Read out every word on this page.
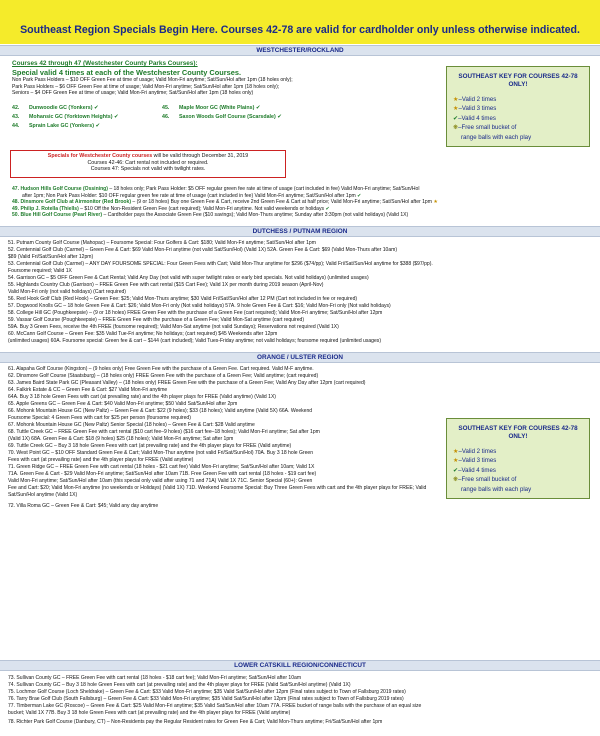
Southeast Region Specials Begin Here. Courses 42-78 are valid for cardholder only unless otherwise indicated.
WESTCHESTER/ROCKLAND
Courses 42 through 47 (Westchester County Parks Courses):
Special valid 4 times at each of the Westchester County Courses.
Non Park Pass Holders – $10 OFF Green Fee at time of usage; Valid Mon-Fri anytime; Sat/Sun/Hol after 1pm (18 holes only);
Park Pass Holders – $6 OFF Green Fee at time of usage; Valid Mon-Fri anytime; Sat/Sun/Hol after 1pm (18 holes only);
Seniors – $4 OFF Green Fee at time of usage; Valid Mon-Fri anytime; Sat/Sun/Hol after 1pm (18 holes only)
42. Dunwoodie GC (Yonkers) ✔
43. Mohansic GC (Yorktown Heights) ✔
44. Sprain Lake GC (Yonkers) ✔
45. Maple Moor GC (White Plains) ✔
46. Saxon Woods Golf Course (Scarsdale) ✔
Specials for Westchester County courses will be valid through December 31, 2019
Courses 42-46: Cart rental not included or required.
Courses 47: Specials not valid with twilight rates.
SOUTHEAST KEY FOR COURSES 42-78 ONLY!
★–Valid 2 times
★–Valid 3 times
✔–Valid 4 times
❋–Free small bucket of
range balls with each play
47. Hudson Hills Golf Course (Ossining) – 18 holes only; Park Pass Holder: $5 OFF regular green fee rate at time of usage (cart included in fee) Valid Mon-Fri anytime; Sat/Sun/Hol
after 1pm; Non Park Pass Holder: $10 OFF regular green fee rate at time of usage (cart included in fee) Valid Mon-Fri anytime; Sat/Sun/Hol after 1pm ✔
48. Dinsmore Golf Club at Airmonitor (Red Brook) – (9 or 18 holes) Buy one Green Fee & Cart, receive 2nd Green Fee & Cart at half price; Valid Mon-Fri anytime; Sat/Sun/Hol after 1pm ★
49. Philip J. Rotella (Thiells) – $10 Off the Non-Resident Green Fee (cart required); Valid Mon-Fri anytime. Not valid weekends or holidays ✔
50. Blue Hill Golf Course (Pearl River) – Cardholder pays the Associate Green Fee ($10 savings); Valid Mon-Thurs anytime; Sunday after 3:30pm (not valid holidays) (Valid 1X)
DUTCHESS / PUTNAM REGION
51. Putnam County Golf Course (Mahopac) – Foursome Special: Four Golfers & Cart: $180; Valid Mon-Fri anytime; Sat/Sun/Hol after 1pm
52. Centennial Golf Club (Carmel) – Green Fee & Cart: $69 Valid Mon-Fri anytime (not valid Sat/Sun/Hol) (Valid 1X) 52A. Green Fee & Cart: $69 (Valid Mon-Thurs after 10am)
$89 (Valid Fri/Sat/Sun/Hol after 12pm)
53. Centennial Golf Club (Carmel) – ANY DAY FOURSOME SPECIAL: Four Green Fees with Cart; Valid Mon-Thur anytime for $296 ($74/pp); Valid Fri/Sat/Sun/Hol anytime for $388 ($97/pp).
Foursome required; Valid 1X
54. Garrison GC – $5 OFF Green Fee & Cart Rental; Valid Any Day (not valid with super twilight rates or early bird specials. Not valid holidays) (unlimited usages)
55. Highlands Country Club (Garrison) – FREE Green Fee with cart rental ($15 Cart Fee); Valid 1X per month during 2019 season (April-Nov)
Valid Mon-Fri only (not valid holidays) (Cart required)
56. Red Hook Golf Club (Red Hook) – Green Fee: $25; Valid Mon-Thurs anytime; $30 Valid Fri/Sat/Sun/Hol after 12 PM (Cart not included in fee or required)
57. Dogwood Knolls GC – 18 hole Green Fee & Cart: $26; Valid Mon-Fri only (Not valid holidays) 57A. 9 hole Green Fee & Cart: $16; Valid Mon-Fri only (Not valid holidays)
58. College Hill GC (Poughkeepsie) – (9 or 18 holes) FREE Green Fee with the purchase of a Green Fee (cart required); Valid Mon-Fri anytime; Sat/Sun/Hol after 12pm
59. Vassar Golf Course (Poughkeepsie) – FREE Green Fee with the purchase of a Green Fee; Valid Mon-Sat anytime (cart required)
59A. Buy 3 Green Fees, receive the 4th FREE (foursome required); Valid Mon-Sat anytime (not valid Sundays); Reservations not required (Valid 1X)
60. McCann Golf Course – Green Fee: $35 Valid Tue-Fri anytime; No holidays; (cart required) $45 Weekends after 12pm
(unlimited usages) 60A. Foursome special: Green fee & cart – $144 (cart included); Valid Tues-Friday anytime; not valid holidays; foursome required (unlimited usages)
ORANGE / ULSTER REGION
61. Alapaha Golf Course (Kingston) – (9 holes only) Free Green Fee with the purchase of a Green Fee. Cart required. Valid M-F anytime.
62. Dinsmore Golf Course (Staatsburg) – (18 holes only) FREE Green Fee with the purchase of a Green Fee; Valid anytime; (cart required)
63. James Baird State Park GC (Pleasant Valley) – (18 holes only) FREE Green Fee with the purchase of a Green Fee; Valid Any Day after 12pm (cart required)
64. Falkirk Estate & CC – Green Fee & Cart: $27 Valid Mon-Fri anytime
64A. Buy 3 18 hole Green Fees with cart (at prevailing rate) and the 4th player plays for FREE (Valid anytime) (Valid 1X)
65. Apple Greens GC – Green Fee & Cart: $40 Valid Mon-Fri anytime; $50 Valid Sat/Sun/Hol after 2pm
66. Mohonk Mountain House GC (New Paltz) – Green Fee & Cart: $22 (9 holes); $33 (18 holes); Valid anytime (Valid 5X) 66A. Weekend
Foursome Special: 4 Green Fees with cart for $25 per person (foursome required)
67. Mohonk Mountain House GC (New Paltz) Senior Special (18 holes) – Green Fee & Cart: $28 Valid anytime
68. Tuttle Creek GC – FREE Green Fee with cart rental ($10 cart fee–9 holes) ($16 cart fee–18 holes); Valid Mon-Fri anytime; Sat after 1pm
(Valid 1X) 68A. Green Fee & Cart: $18 (9 holes) $25 (18 holes); Valid Mon-Fri anytime; Sat after 1pm
69. Tuttle Creek GC – Buy 3 18 hole Green Fees with cart (at prevailing rate) and the 4th player plays for FREE (Valid anytime)
70. West Point GC – $10 OFF Standard Green Fee & Cart; Valid Mon-Thur anytime (not valid Fri/Sat/Sun/Hol) 70A. Buy 3 18 hole Green
Fees with cart (at prevailing rate) and the 4th player plays for FREE (Valid anytime)
71. Green Ridge GC – FREE Green Fee with cart rental (18 holes - $21 cart fee) Valid Mon-Fri anytime; Sat/Sun/Hol after 10am; Valid 1X
71A. Green Fee & Cart - $29 Valid Mon-Fri anytime; Sat/Sun/Hol after 10am 71B. Free Green Fee with cart rental (18 holes - $19 cart fee)
Valid Mon-Fri anytime; Sat/Sun/Hol after 10am (this special only valid after using 71 and 71A) Valid 1X 71C. Senior Special (60+): Green
Fee and Cart: $20; Valid Mon-Fri anytime (no weekends or Holidays) (Valid 1X) 71D. Weekend Foursome Special: Buy Three Green Fees with cart and the 4th player plays for FREE; Valid
Sat/Sun/Hol anytime (Valid 1X)
72. Villa Roma GC – Green Fee & Cart: $45; Valid any day anytime
SOUTHEAST KEY FOR COURSES 42-78 ONLY!
★–Valid 2 times
★–Valid 3 times
✔–Valid 4 times
❋–Free small bucket of
range balls with each play
LOWER CATSKILL REGION/CONNECTICUT
73. Sullivan County GC – FREE Green Fee with cart rental (18 holes - $18 cart fee); Valid Mon-Fri anytime; Sat/Sun/Hol after 10am
74. Sullivan County GC – Buy 3 18 hole Green Fees with cart (at prevailing rate) and the 4th player plays for FREE (Valid Sat/Sun/Hol anytime) (Valid 1X)
75. Lochmor Golf Course (Loch Sheldrake) – Green Fee & Cart: $33 Valid Mon-Fri anytime; $35 Valid Sat/Sun/Hol after 12pm (Final rates subject to Town of Fallsburg 2019 rates)
76. Tarry Brae Golf Club (South Fallsburg) – Green Fee & Cart: $33 Valid Mon-Fri anytime; $35 Valid Sat/Sun/Hol after 12pm (Final rates subject to Town of Fallsburg 2019 rates)
77. Timberman Lake GC (Roscoe) – Green Fee & Cart: $25 Valid Mon-Fri anytime; $35 Valid Sat/Sun/Hol after 10am 77A. FREE bucket of range balls with the purchase of an equal size
bucket; Valid 1X 77B. Buy 3 18 hole Green Fees with cart (at prevailing rate) and the 4th player plays for FREE (Valid anytime)
78. Richter Park Golf Course (Danbury, CT) – Non-Residents pay the Regular Resident rates for Green Fee & Cart; Valid Mon-Thurs anytime; Fri/Sat/Sun/Hol after 1pm
